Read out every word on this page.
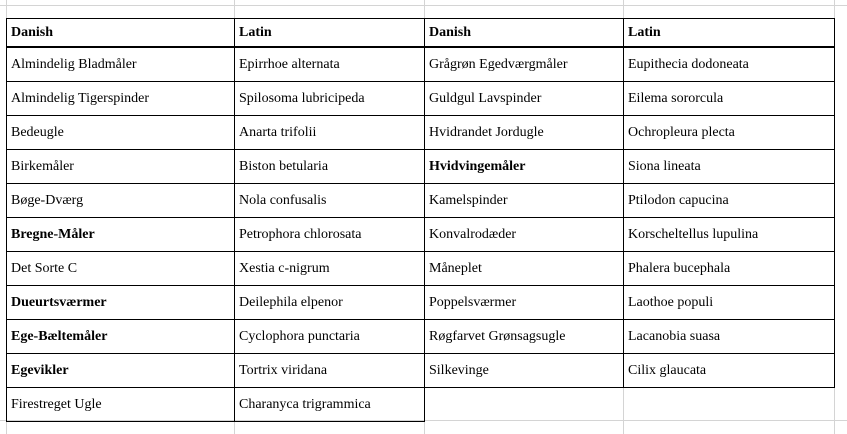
Danish	Latin	Danish	Latin
Almindelig Bladmåler	Epirrhoe alternata	Grågrøn Egedværgmåler	Eupithecia dodoneata
Almindelig Tigerspinder	Spilosoma lubricipeda	Guldgul Lavspinder	Eilema sororcula
Bedeugle	Anarta trifolii	Hvidrandet Jordugle	Ochropleura plecta
Birkemåler	Biston betularia	Hvidvingemåler	Siona lineata
Bøge-Dværg	Nola confusalis	Kamelspinder	Ptilodon capucina
Bregne-Måler	Petrophora chlorosata	Konvalrodæder	Korscheltellus lupulina
Det Sorte C	Xestia c-nigrum	Måneplet	Phalera bucephala
Dueurtsværmer	Deilephila elpenor	Poppelsværmer	Laothoe populi
Ege-Bæltemåler	Cyclophora punctaria	Røgfarvet Grønsagsugle	Lacanobia suasa
Egevikler	Tortrix viridana	Silkevinge	Cilix glaucata
Firestreget Ugle	Charanyca trigrammica		
